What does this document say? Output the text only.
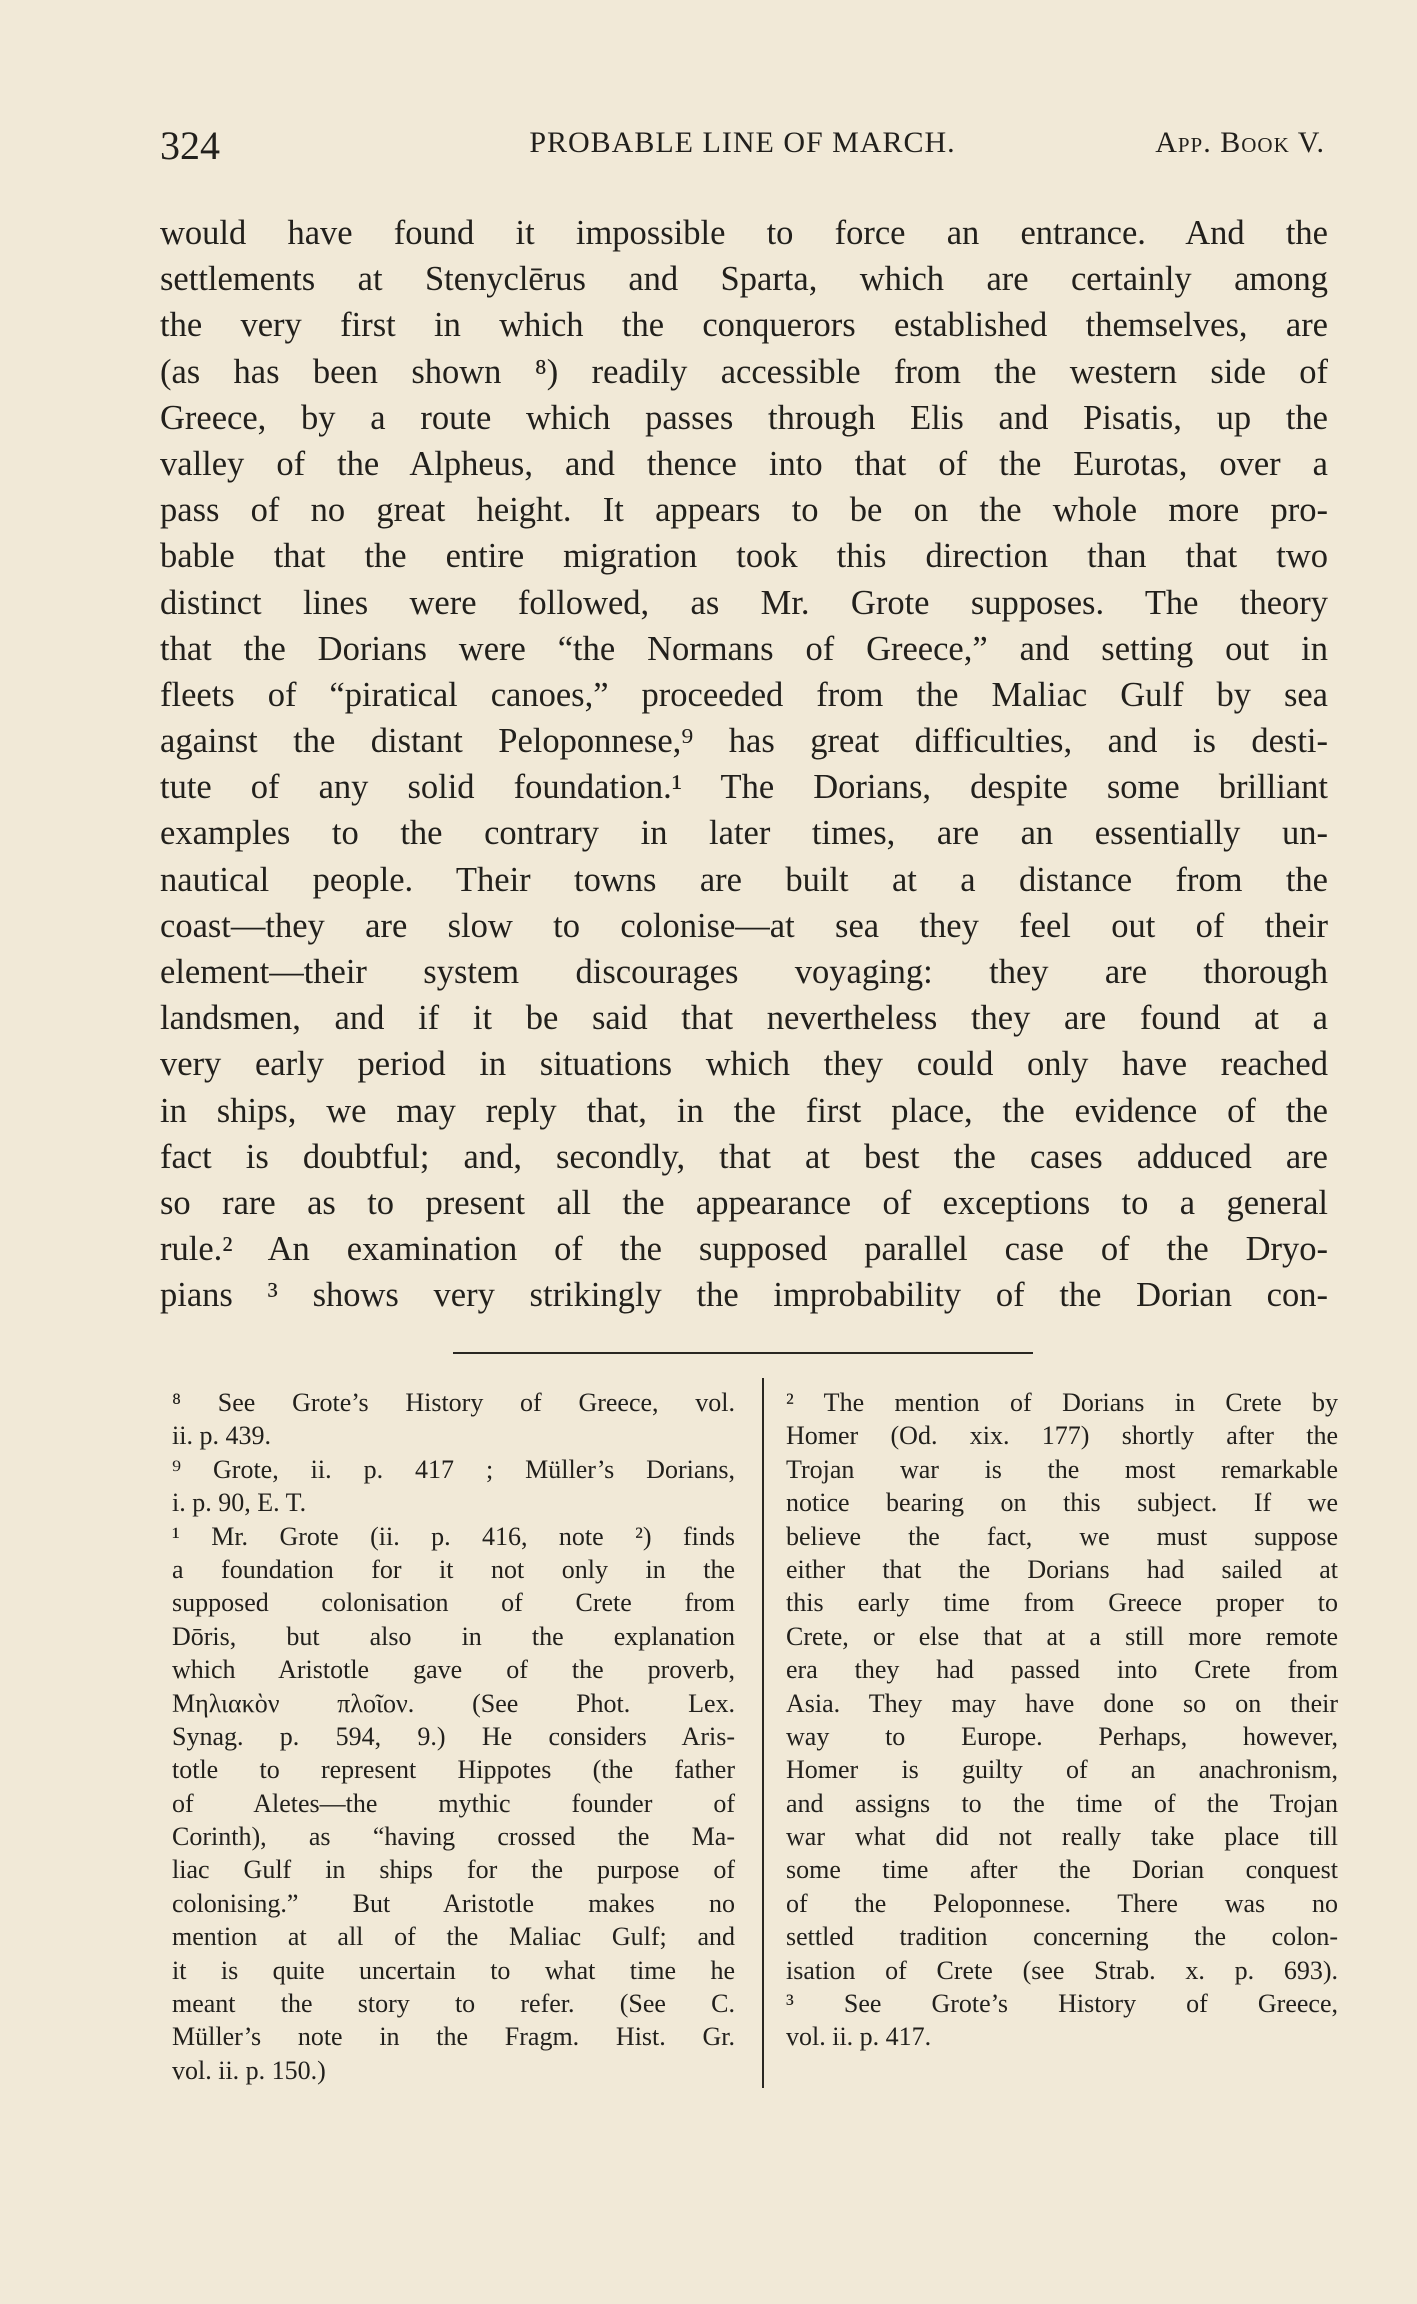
324	PROBABLE LINE OF MARCH.	App. Book V.
would have found it impossible to force an entrance. And the
settlements at Stenyclērus and Sparta, which are certainly among
the very first in which the conquerors established themselves, are
(as has been shown ⁸) readily accessible from the western side of
Greece, by a route which passes through Elis and Pisatis, up the
valley of the Alpheus, and thence into that of the Eurotas, over a
pass of no great height. It appears to be on the whole more pro-
bable that the entire migration took this direction than that two
distinct lines were followed, as Mr. Grote supposes. The theory
that the Dorians were “the Normans of Greece,” and setting out in
fleets of “piratical canoes,” proceeded from the Maliac Gulf by sea
against the distant Peloponnese,⁹ has great difficulties, and is desti-
tute of any solid foundation.¹ The Dorians, despite some brilliant
examples to the contrary in later times, are an essentially un-
nautical people. Their towns are built at a distance from the
coast—they are slow to colonise—at sea they feel out of their
element—their system discourages voyaging: they are thorough
landsmen, and if it be said that nevertheless they are found at a
very early period in situations which they could only have reached
in ships, we may reply that, in the first place, the evidence of the
fact is doubtful; and, secondly, that at best the cases adduced are
so rare as to present all the appearance of exceptions to a general
rule.² An examination of the supposed parallel case of the Dryo-
pians ³ shows very strikingly the improbability of the Dorian con-
⁸ See Grote’s History of Greece, vol.
ii. p. 439.
⁹ Grote, ii. p. 417 ; Müller’s Dorians,
i. p. 90, E. T.
¹ Mr. Grote (ii. p. 416, note ²) finds
a foundation for it not only in the
supposed colonisation of Crete from
Dōris, but also in the explanation
which Aristotle gave of the proverb,
Μηλιακὸν πλοῖον. (See Phot. Lex.
Synag. p. 594, 9.) He considers Aris-
totle to represent Hippotes (the father
of Aletes—the mythic founder of
Corinth), as “having crossed the Ma-
liac Gulf in ships for the purpose of
colonising.” But Aristotle makes no
mention at all of the Maliac Gulf; and
it is quite uncertain to what time he
meant the story to refer. (See C.
Müller’s note in the Fragm. Hist. Gr.
vol. ii. p. 150.)
² The mention of Dorians in Crete by
Homer (Od. xix. 177) shortly after the
Trojan war is the most remarkable
notice bearing on this subject. If we
believe the fact, we must suppose
either that the Dorians had sailed at
this early time from Greece proper to
Crete, or else that at a still more remote
era they had passed into Crete from
Asia. They may have done so on their
way to Europe. Perhaps, however,
Homer is guilty of an anachronism,
and assigns to the time of the Trojan
war what did not really take place till
some time after the Dorian conquest
of the Peloponnese. There was no
settled tradition concerning the colon-
isation of Crete (see Strab. x. p. 693).
³ See Grote’s History of Greece,
vol. ii. p. 417.
